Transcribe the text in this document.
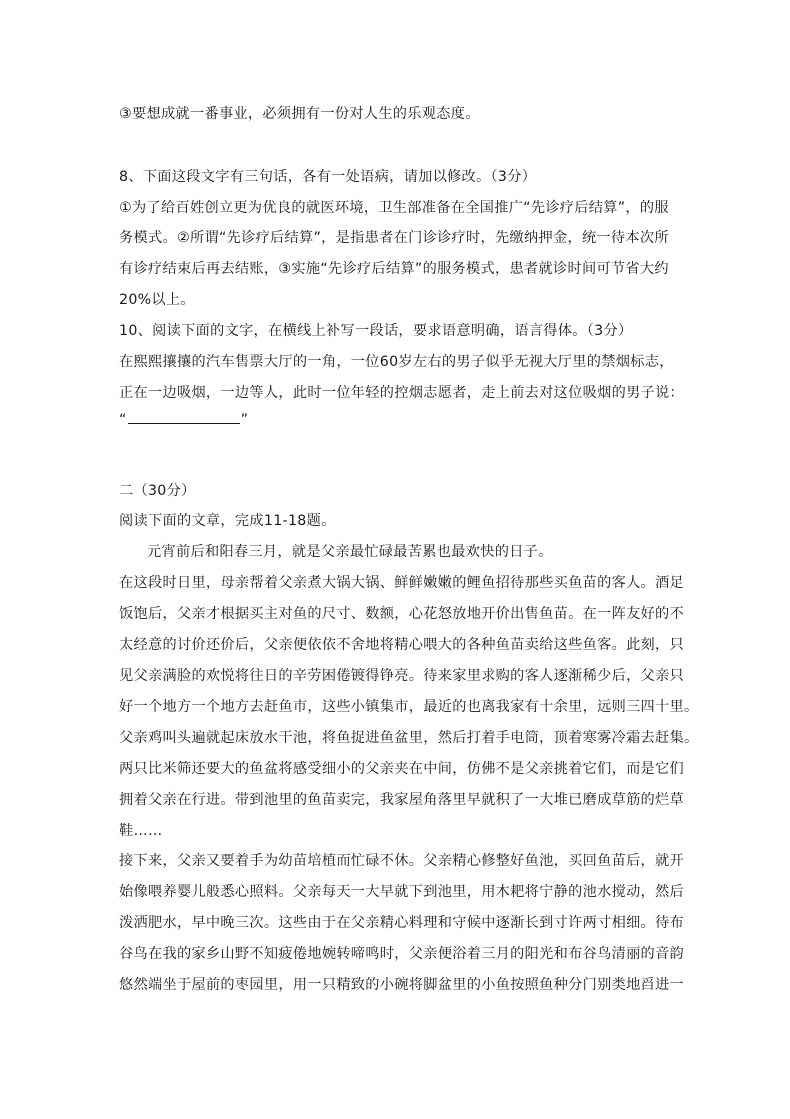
③要想成就一番事业，必须拥有一份对人生的乐观态度。
8、下面这段文字有三句话，各有一处语病，请加以修改。（3分）
①为了给百姓创立更为优良的就医环境，卫生部准备在全国推广“先诊疗后结算”，的服
务模式。②所谓“先诊疗后结算”，是指患者在门诊诊疗时，先缴纳押金，统一待本次所
有诊疗结束后再去结账，③实施“先诊疗后结算”的服务模式，患者就诊时间可节省大约
20%以上。
10、阅读下面的文字，在横线上补写一段话，要求语意明确，语言得体。（3分）
在熙熙攘攘的汽车售票大厅的一角，一位60岁左右的男子似乎无视大厅里的禁烟标志，
正在一边吸烟，一边等人，此时一位年轻的控烟志愿者，走上前去对这位吸烟的男子说：
“	”
二（30分）
阅读下面的文章，完成11-18题。
元宵前后和阳春三月，就是父亲最忙碌最苦累也最欢快的日子。
在这段时日里，母亲帮着父亲煮大锅大锅、鲜鲜嫩嫩的鲤鱼招待那些买鱼苗的客人。酒足
饭饱后，父亲才根据买主对鱼的尺寸、数额，心花怒放地开价出售鱼苗。在一阵友好的不
太经意的讨价还价后，父亲便依依不舍地将精心喂大的各种鱼苗卖给这些鱼客。此刻，只
见父亲满脸的欢悦将往日的辛劳困倦镀得铮亮。待来家里求购的客人逐渐稀少后，父亲只
好一个地方一个地方去赶鱼市，这些小镇集市，最近的也离我家有十余里，远则三四十里。
父亲鸡叫头遍就起床放水干池，将鱼捉进鱼盆里，然后打着手电筒，顶着寒雾冷霜去赶集。
两只比米筛还要大的鱼盆将感受细小的父亲夹在中间，仿佛不是父亲挑着它们，而是它们
拥着父亲在行进。带到池里的鱼苗卖完，我家屋角落里早就积了一大堆已磨成草筋的烂草
鞋……
接下来，父亲又要着手为幼苗培植而忙碌不休。父亲精心修整好鱼池，买回鱼苗后，就开
始像喂养婴儿般悉心照料。父亲每天一大早就下到池里，用木耙将宁静的池水搅动，然后
泼洒肥水，早中晚三次。这些由于在父亲精心料理和守候中逐渐长到寸许两寸相细。待布
谷鸟在我的家乡山野不知疲倦地婉转啼鸣时，父亲便浴着三月的阳光和布谷鸟清丽的音韵
悠然端坐于屋前的枣园里，用一只精致的小碗将脚盆里的小鱼按照鱼种分门别类地舀进一
